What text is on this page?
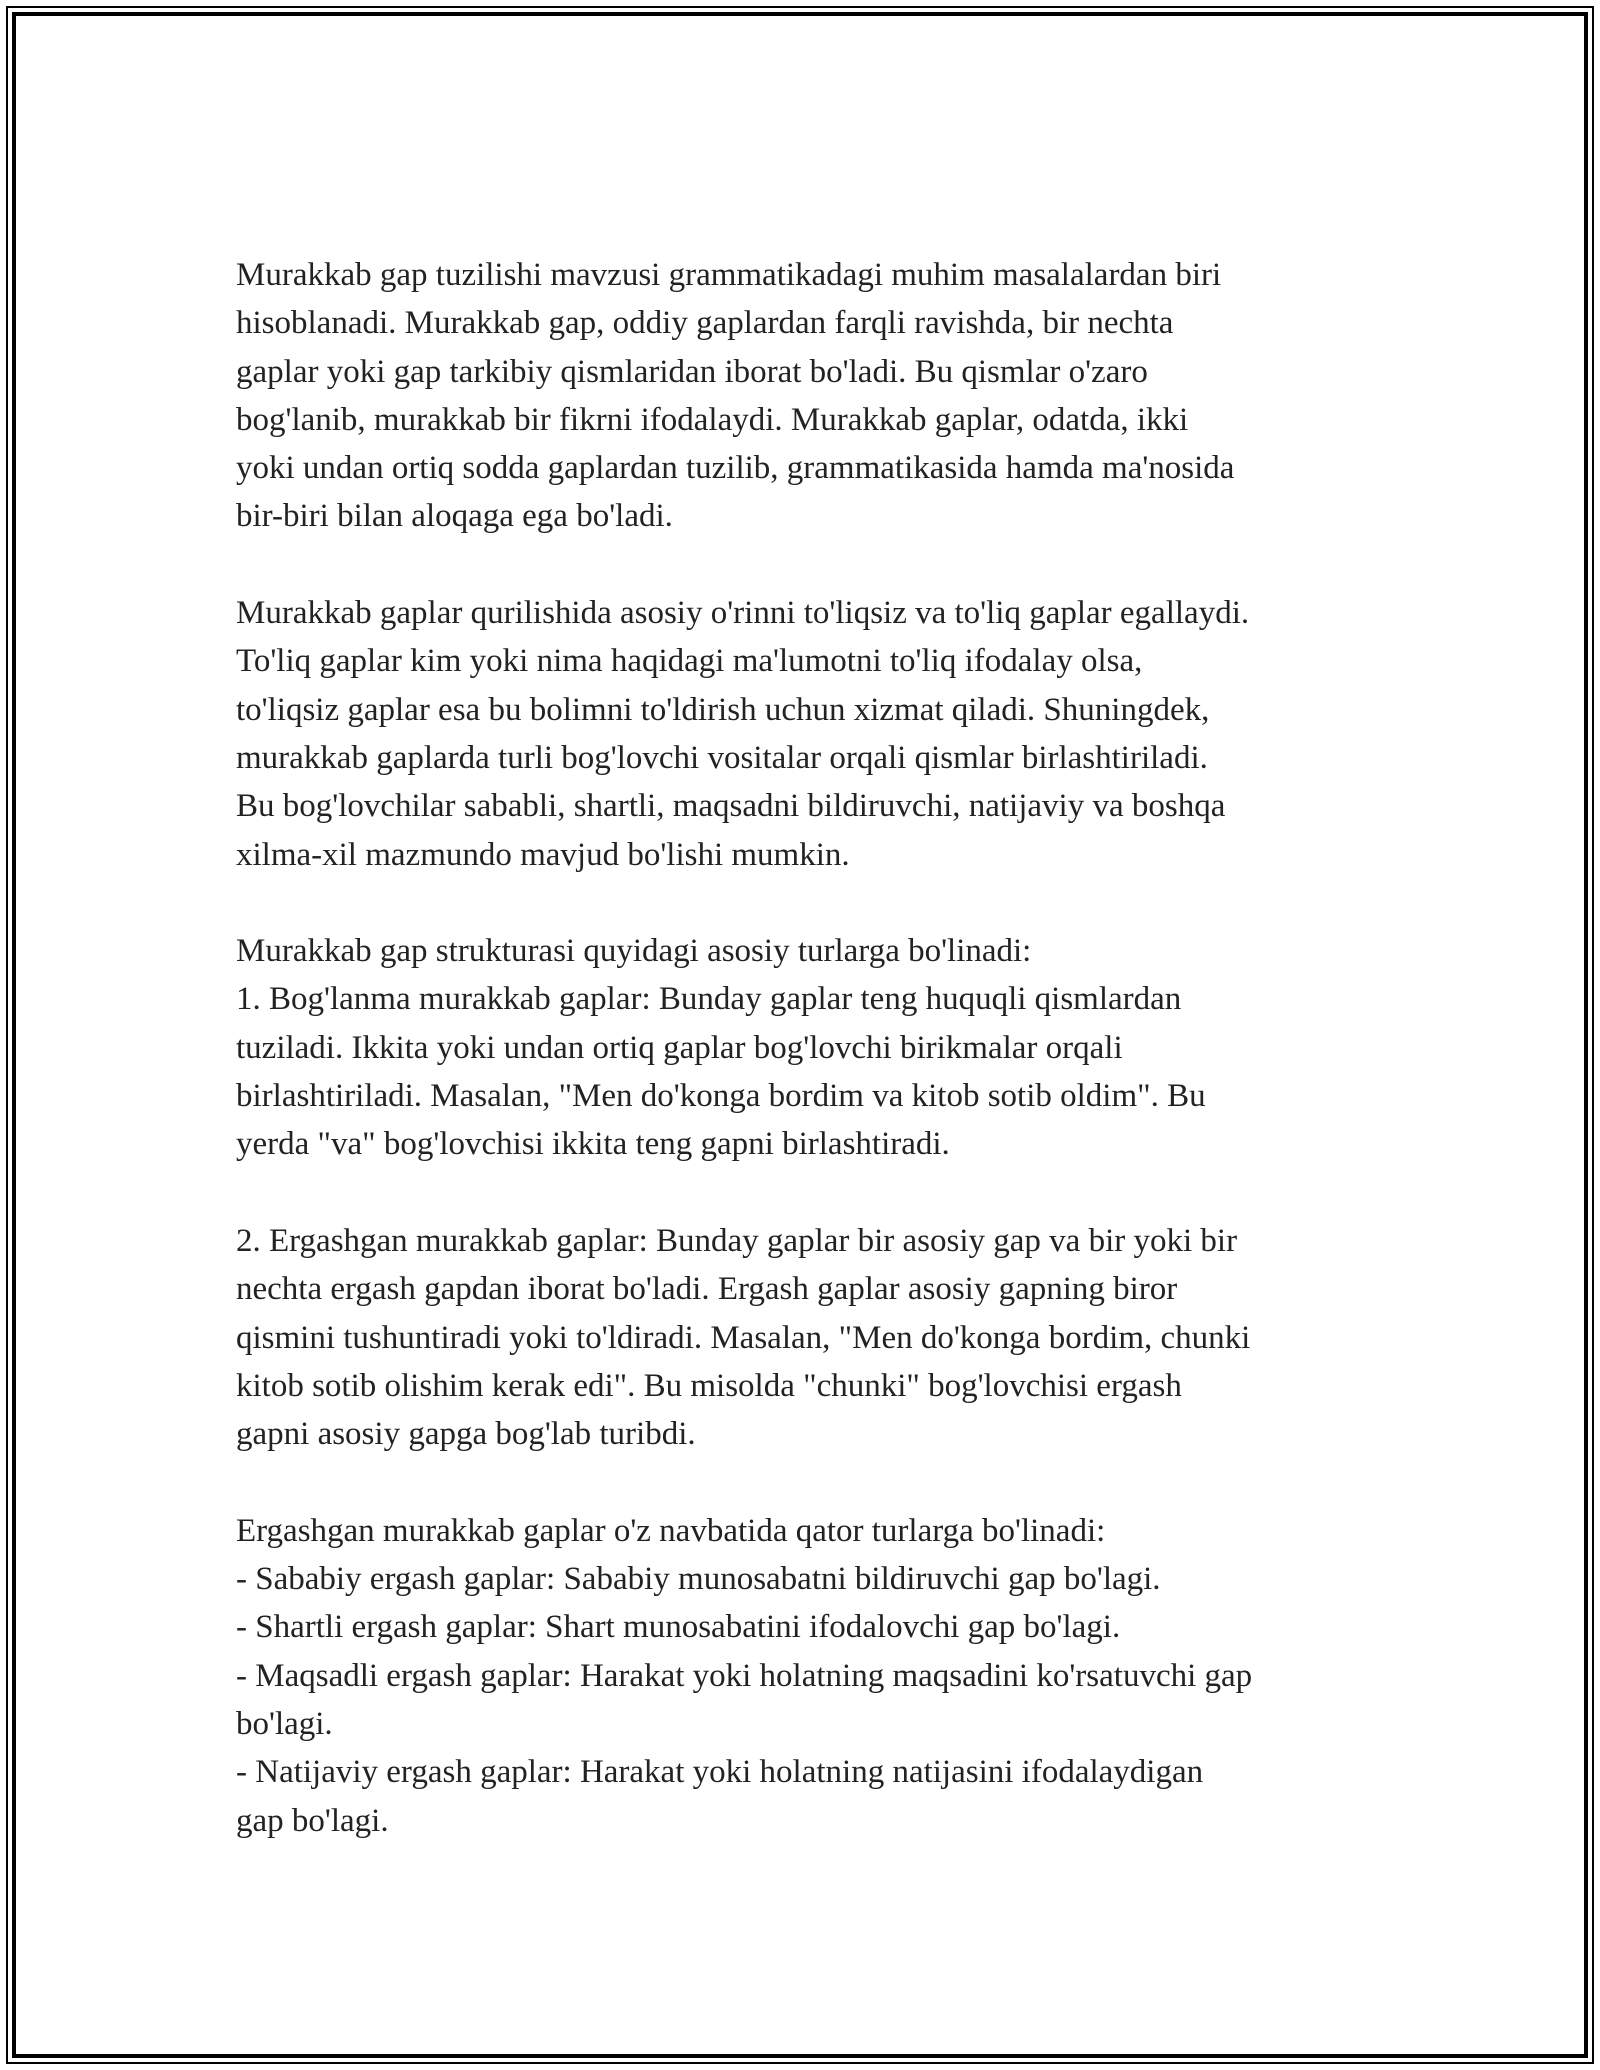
Murakkab gap tuzilishi mavzusi grammatikadagi muhim masalalardan biri

hisoblanadi. Murakkab gap, oddiy gaplardan farqli ravishda, bir nechta

gaplar yoki gap tarkibiy qismlaridan iborat bo'ladi. Bu qismlar o'zaro

bog'lanib, murakkab bir fikrni ifodalaydi. Murakkab gaplar, odatda, ikki

yoki undan ortiq sodda gaplardan tuzilib, grammatikasida hamda ma'nosida

bir-biri bilan aloqaga ega bo'ladi.

Murakkab gaplar qurilishida asosiy o'rinni to'liqsiz va to'liq gaplar egallaydi.

To'liq gaplar kim yoki nima haqidagi ma'lumotni to'liq ifodalay olsa,

to'liqsiz gaplar esa bu bolimni to'ldirish uchun xizmat qiladi. Shuningdek,

murakkab gaplarda turli bog'lovchi vositalar orqali qismlar birlashtiriladi.

Bu bog'lovchilar sababli, shartli, maqsadni bildiruvchi, natijaviy va boshqa

xilma-xil mazmundo mavjud bo'lishi mumkin.

Murakkab gap strukturasi quyidagi asosiy turlarga bo'linadi:

1. Bog'lanma murakkab gaplar: Bunday gaplar teng huquqli qismlardan

tuziladi. Ikkita yoki undan ortiq gaplar bog'lovchi birikmalar orqali

birlashtiriladi. Masalan, "Men do'konga bordim va kitob sotib oldim". Bu

yerda "va" bog'lovchisi ikkita teng gapni birlashtiradi.

2. Ergashgan murakkab gaplar: Bunday gaplar bir asosiy gap va bir yoki bir

nechta ergash gapdan iborat bo'ladi. Ergash gaplar asosiy gapning biror

qismini tushuntiradi yoki to'ldiradi. Masalan, "Men do'konga bordim, chunki

kitob sotib olishim kerak edi". Bu misolda "chunki" bog'lovchisi ergash

gapni asosiy gapga bog'lab turibdi.

Ergashgan murakkab gaplar o'z navbatida qator turlarga bo'linadi:

- Sababiy ergash gaplar: Sababiy munosabatni bildiruvchi gap bo'lagi.

- Shartli ergash gaplar: Shart munosabatini ifodalovchi gap bo'lagi.

- Maqsadli ergash gaplar: Harakat yoki holatning maqsadini ko'rsatuvchi gap

bo'lagi.

- Natijaviy ergash gaplar: Harakat yoki holatning natijasini ifodalaydigan

gap bo'lagi.
